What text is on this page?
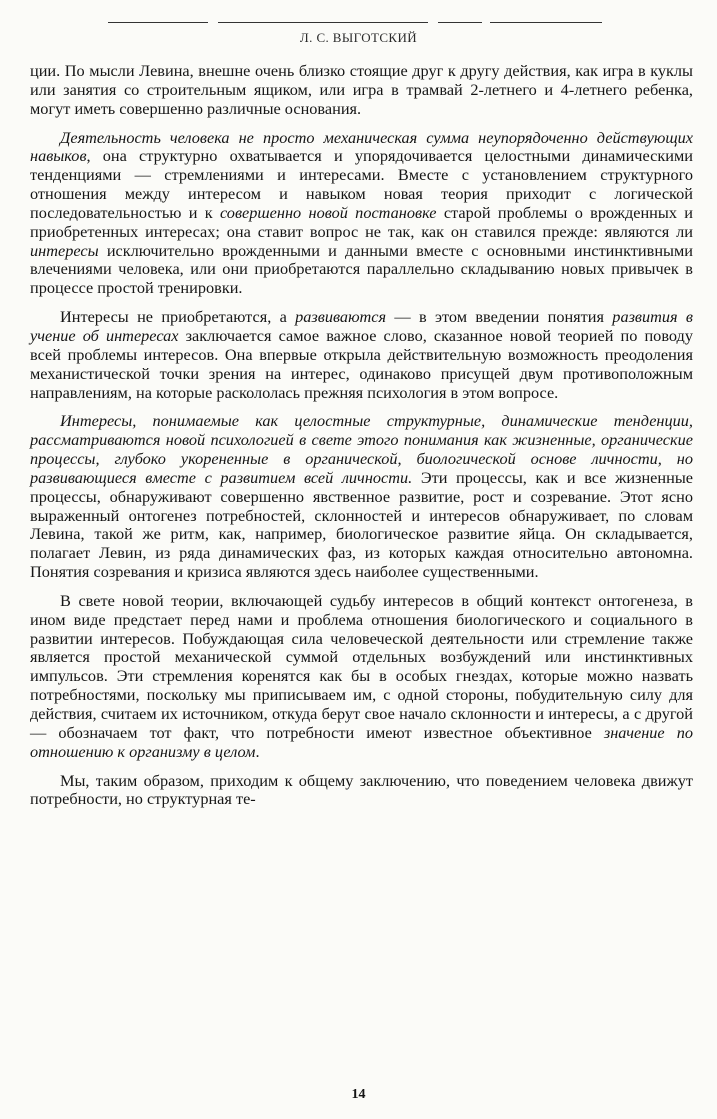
Л. С. ВЫГОТСКИЙ

ции. По мысли Левина, внешне очень близко стоящие друг к другу действия, как игра в куклы или занятия со строительным ящиком, или игра в трамвай 2-летнего и 4-летнего ребенка, могут иметь совершенно различные основания.

Деятельность человека не просто механическая сумма неупорядоченно действующих навыков, она структурно охватывается и упорядочивается целостными динамическими тенденциями — стремлениями и интересами. Вместе с установлением структурного отношения между интересом и навыком новая теория приходит с логической последовательностью и к совершенно новой постановке старой проблемы о врожденных и приобретенных интересах; она ставит вопрос не так, как он ставился прежде: являются ли интересы исключительно врожденными и данными вместе с основными инстинктивными влечениями человека, или они приобретаются параллельно складыванию новых привычек в процессе простой тренировки.

Интересы не приобретаются, а развиваются — в этом введении понятия развития в учение об интересах заключается самое важное слово, сказанное новой теорией по поводу всей проблемы интересов. Она впервые открыла действительную возможность преодоления механистической точки зрения на интерес, одинаково присущей двум противоположным направлениям, на которые раскололась прежняя психология в этом вопросе.

Интересы, понимаемые как целостные структурные, динамические тенденции, рассматриваются новой психологией в свете этого понимания как жизненные, органические процессы, глубоко укорененные в органической, биологической основе личности, но развивающиеся вместе с развитием всей личности. Эти процессы, как и все жизненные процессы, обнаруживают совершенно явственное развитие, рост и созревание. Этот ясно выраженный онтогенез потребностей, склонностей и интересов обнаруживает, по словам Левина, такой же ритм, как, например, биологическое развитие яйца. Он складывается, полагает Левин, из ряда динамических фаз, из которых каждая относительно автономна. Понятия созревания и кризиса являются здесь наиболее существенными.

В свете новой теории, включающей судьбу интересов в общий контекст онтогенеза, в ином виде предстает перед нами и проблема отношения биологического и социального в развитии интересов. Побуждающая сила человеческой деятельности или стремление также является простой механической суммой отдельных возбуждений или инстинктивных импульсов. Эти стремления коренятся как бы в особых гнездах, которые можно назвать потребностями, поскольку мы приписываем им, с одной стороны, побудительную силу для действия, считаем их источником, откуда берут свое начало склонности и интересы, а с другой — обозначаем тот факт, что потребности имеют известное объективное значение по отношению к организму в целом.

Мы, таким образом, приходим к общему заключению, что поведением человека движут потребности, но структурная те-

14
